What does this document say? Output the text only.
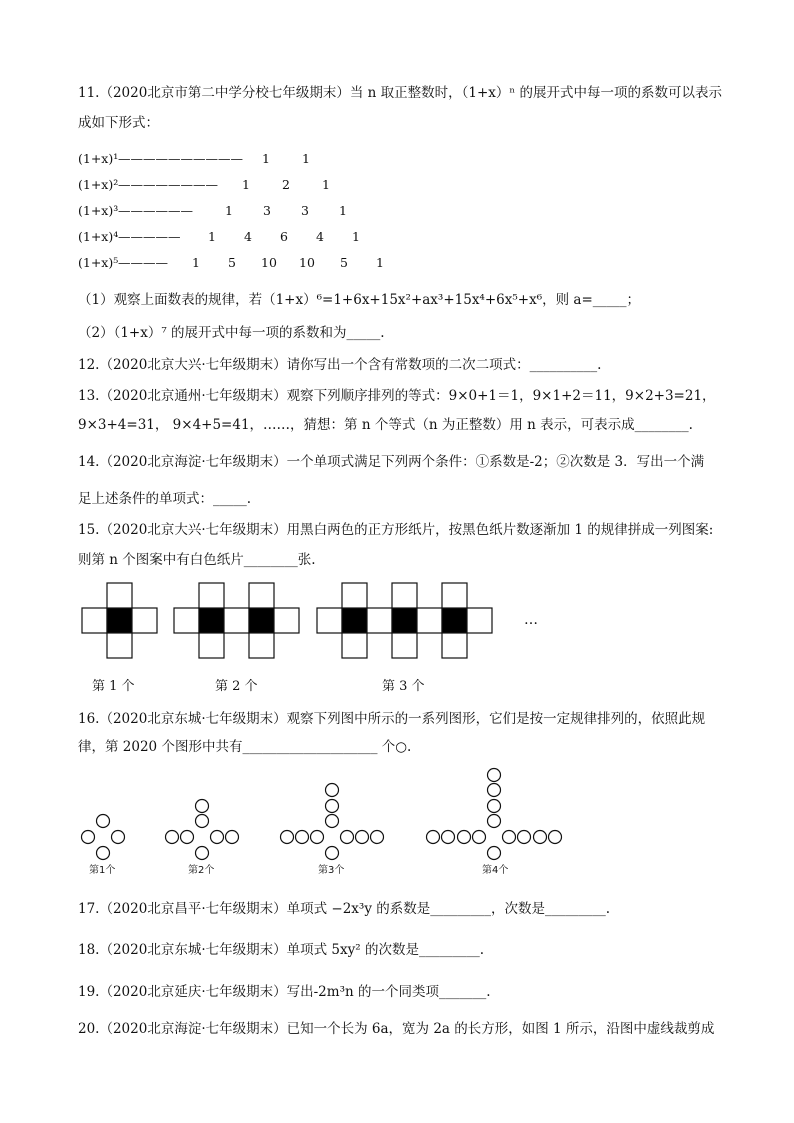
11.（2020北京市第二中学分校七年级期末）当 n 取正整数时，（1+x）ⁿ 的展开式中每一项的系数可以表示
成如下形式：
(1+x)¹—————————— 1	1
(1+x)²———————— 1	2	1
(1+x)³——————	1 3 3 1
(1+x)⁴————— 1 4 6 4 1
(1+x)⁵———— 1 5 10 10 5 1
（1）观察上面数表的规律，若（1+x）⁶=1+6x+15x²+ax³+15x⁴+6x⁵+x⁶，则 a=_____；
（2）（1+x）⁷ 的展开式中每一项的系数和为_____.
12.（2020北京大兴·七年级期末）请你写出一个含有常数项的二次二项式：__________.
13.（2020北京通州·七年级期末）观察下列顺序排列的等式：9×0+1＝1，9×1+2＝11，9×2+3=21，
9×3+4=31， 9×4+5=41，……，猜想：第 n 个等式（n 为正整数）用 n 表示，可表示成________.
14.（2020北京海淀·七年级期末）一个单项式满足下列两个条件：①系数是-2；②次数是 3．写出一个满
足上述条件的单项式：_____.
15.（2020北京大兴·七年级期末）用黑白两色的正方形纸片，按黑色纸片数逐渐加 1 的规律拼成一列图案:
则第 n 个图案中有白色纸片________张.
…
第 1 个	第 2 个	第 3 个
16.（2020北京东城·七年级期末）观察下列图中所示的一系列图形，它们是按一定规律排列的，依照此规
律，第 2020 个图形中共有____________________ 个○.
第1个	第2个	第3个	第4个
17.（2020北京昌平·七年级期末）单项式 −2x³y 的系数是_________，次数是_________.
18.（2020北京东城·七年级期末）单项式 5xy² 的次数是_________.
19.（2020北京延庆·七年级期末）写出-2m³n 的一个同类项_______.
20.（2020北京海淀·七年级期末）已知一个长为 6a，宽为 2a 的长方形，如图 1 所示，沿图中虚线裁剪成
